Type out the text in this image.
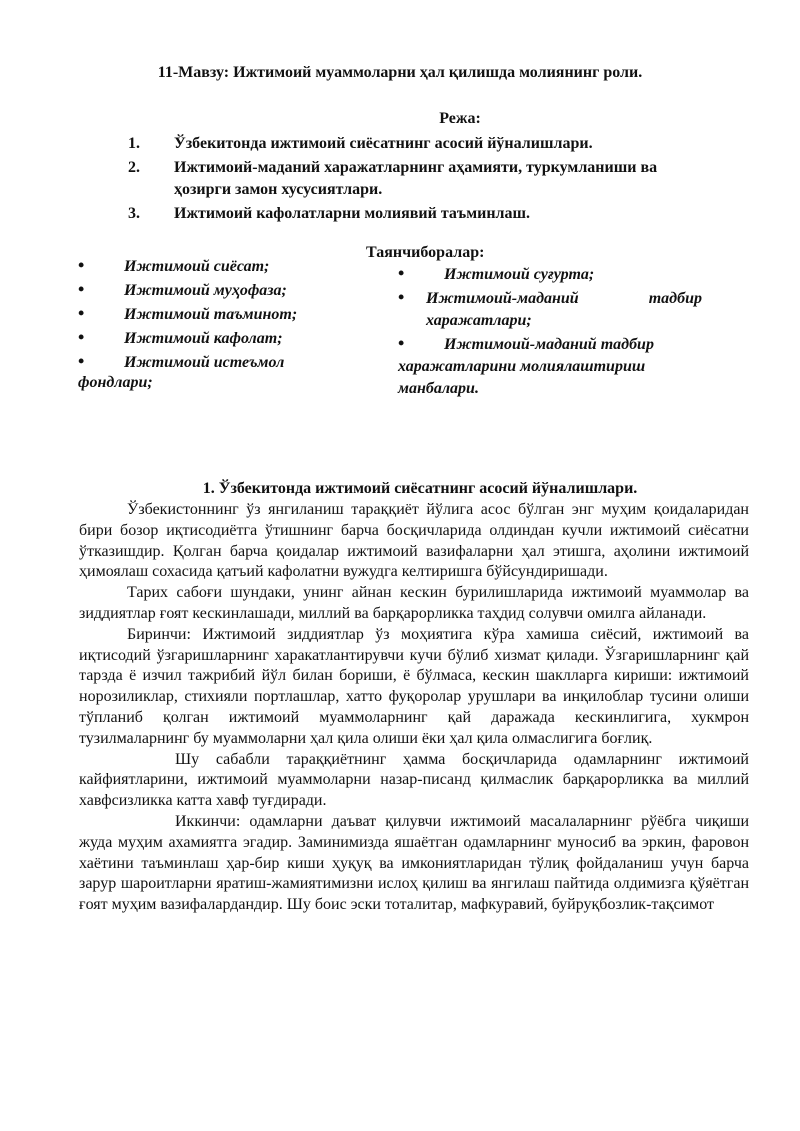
11-Мавзу: Ижтимоий муаммоларни ҳал қилишда молиянинг роли.
Режа:
1.	Ўзбекитонда ижтимоий сиёсатнинг асосий йўналишлари.
2.	Ижтимоий-маданий харажатларнинг аҳамияти, туркумланиши ва ҳозирги замон хусусиятлари.
3.	Ижтимоий кафолатларни молиявий таъминлаш.
•	Ижтимоий сиёсат;
•	Ижтимоий муҳофаза;
•	Ижтимоий таъминот;
•	Ижтимоий кафолат;
•	Ижтимоий истеъмол
фондлари;
Таянчиборалар:
•	Ижтимоий суғурта;
•	Ижтимоий-маданий	тадбир
харажатлари;
•	Ижтимоий-маданий тадбир
харажатларини молиялаштириш
манбалари.
1. Ўзбекитонда ижтимоий сиёсатнинг асосий йўналишлари.

Ўзбекистоннинг ўз янгиланиш тараққиёт йўлига асос бўлган энг муҳим қоидаларидан бири бозор иқтисодиётга ўтишнинг барча босқичларида олдиндан кучли ижтимоий сиёсатни ўтказишдир. Қолган барча қоидалар ижтимоий вазифаларни ҳал этишга, аҳолини ижтимоий ҳимоялаш сохасида қатъий кафолатни вужудга келтиришга бўйсундиришади.

Тарих сабоғи шундаки, унинг айнан кескин бурилишларида ижтимоий муаммолар ва зиддиятлар ғоят кескинлашади, миллий ва барқарорликка таҳдид солувчи омилга айланади.

Биринчи: Ижтимоий зиддиятлар ўз моҳиятига кўра хамиша сиёсий, ижтимоий ва иқтисодий ўзгаришларнинг харакатлантирувчи кучи бўлиб хизмат қилади. Ўзгаришларнинг қай тарзда ё изчил тажрибий йўл билан бориши, ё бўлмаса, кескин шаклларга кириши: ижтимоий норозиликлар, стихияли портлашлар, хатто фуқоролар урушлари ва инқилоблар тусини олиши тўпланиб қолган ижтимоий муаммоларнинг қай даражада кескинлигига, хукмрон тузилмаларнинг бу муаммоларни ҳал қила олиши ёки ҳал қила олмаслигига боғлиқ.

Шу сабабли тараққиётнинг ҳамма босқичларида одамларнинг ижтимоий кайфиятларини, ижтимоий муаммоларни назар-писанд қилмаслик барқарорликка ва миллий хавфсизликка катта хавф туғдиради.

Иккинчи: одамларни даъват қилувчи ижтимоий масалаларнинг рўёбга чиқиши жуда муҳим ахамиятга эгадир. Заминимизда яшаётган одамларнинг муносиб ва эркин, фаровон хаётини таъминлаш ҳар-бир киши ҳуқуқ ва имкониятларидан тўлиқ фойдаланиш учун барча зарур шароитларни яратиш-жамиятимизни ислоҳ қилиш ва янгилаш пайтида олдимизга қўяётган ғоят муҳим вазифалардандир. Шу боис эски тоталитар, мафкуравий, буйруқбозлик-тақсимот
